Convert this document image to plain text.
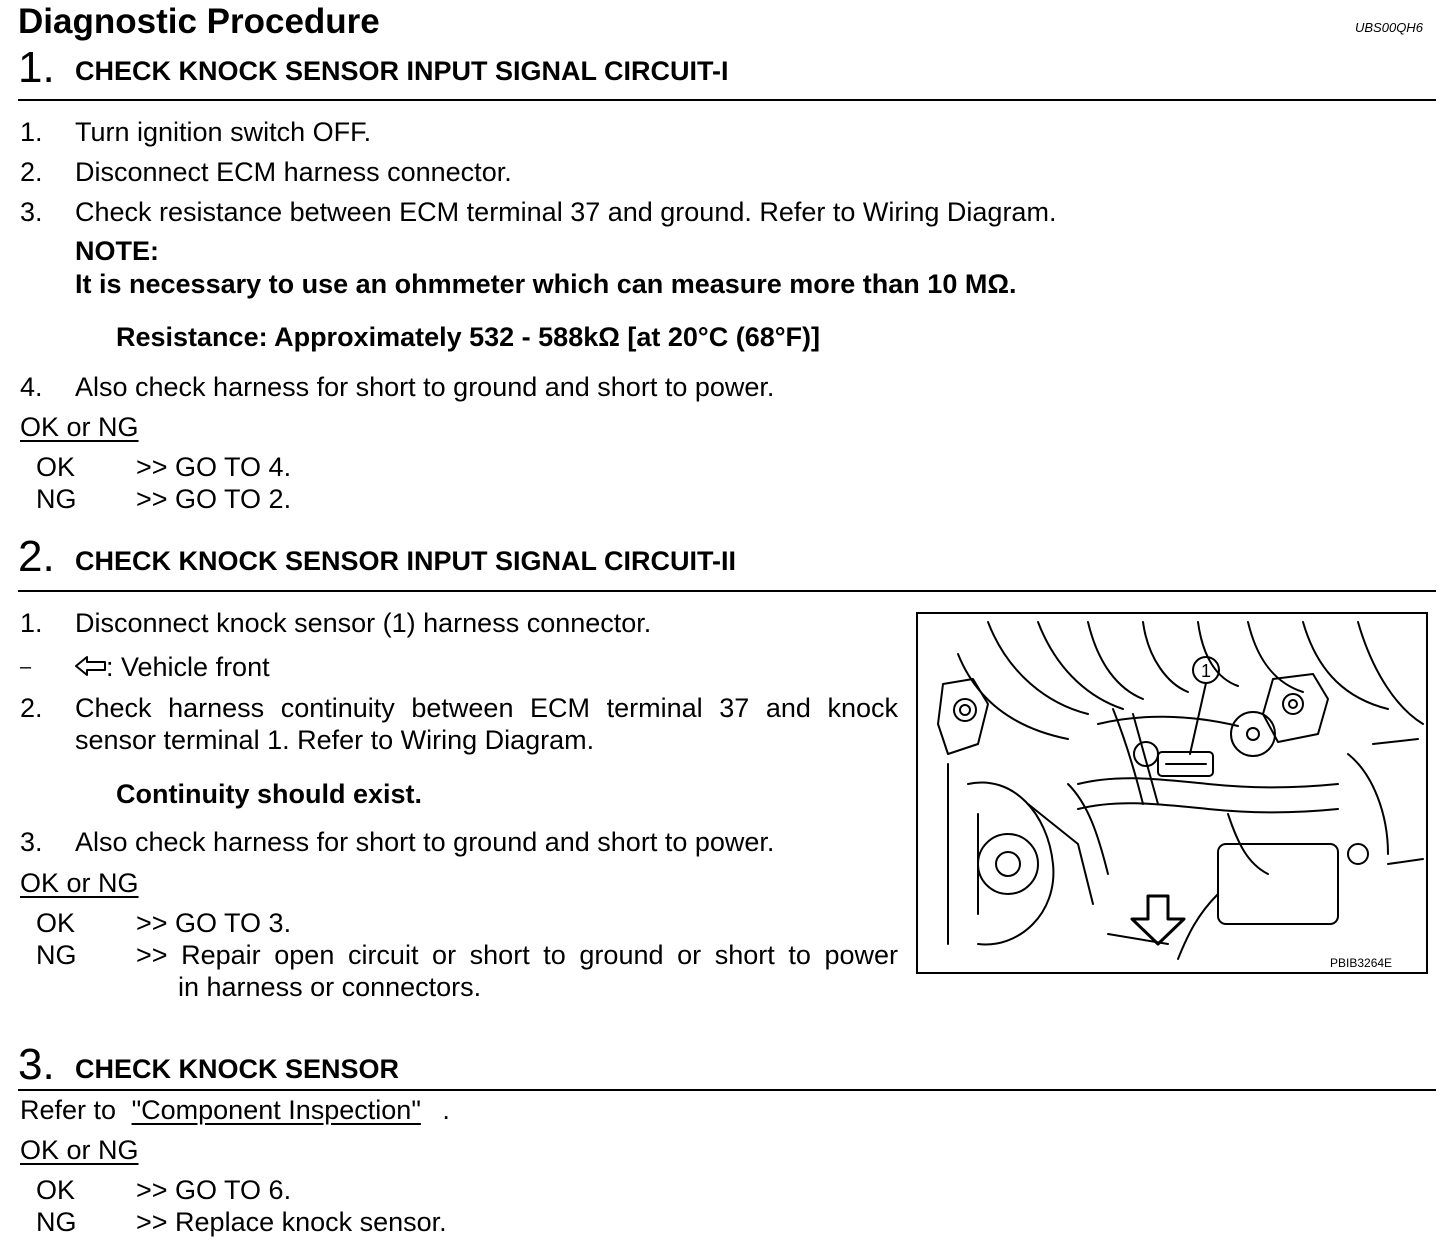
Diagnostic Procedure	UBS00QH6
1. CHECK KNOCK SENSOR INPUT SIGNAL CIRCUIT-I
1. Turn ignition switch OFF.
2. Disconnect ECM harness connector.
3. Check resistance between ECM terminal 37 and ground. Refer to Wiring Diagram.
NOTE:
It is necessary to use an ohmmeter which can measure more than 10 MΩ.
Resistance: Approximately 532 - 588kΩ [at 20°C (68°F)]
4. Also check harness for short to ground and short to power.
OK or NG
OK >> GO TO 4.
NG >> GO TO 2.
2. CHECK KNOCK SENSOR INPUT SIGNAL CIRCUIT-II
1. Disconnect knock sensor (1) harness connector.
–	: Vehicle front
2. Check harness continuity between ECM terminal 37 and knock
sensor terminal 1. Refer to Wiring Diagram.
Continuity should exist.
3. Also check harness for short to ground and short to power.
OK or NG
OK >> GO TO 3.
NG >> Repair open circuit or short to ground or short to power
in harness or connectors.
1
PBIB3264E
3. CHECK KNOCK SENSOR
Refer to "Component Inspection" .
OK or NG
OK >> GO TO 6.
NG >> Replace knock sensor.
